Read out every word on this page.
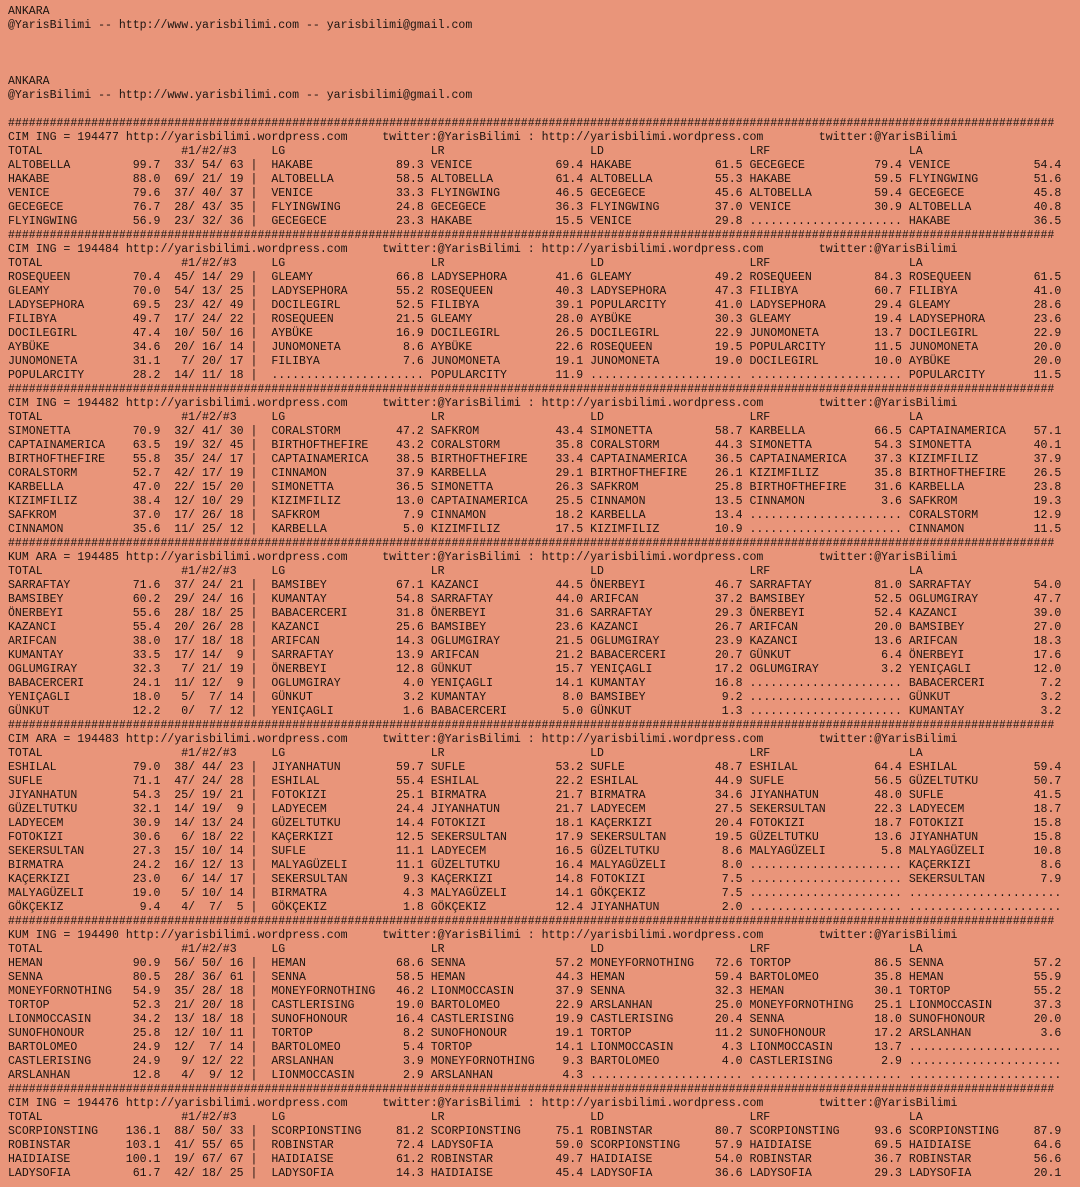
ANKARA
@YarisBilimi -- http://www.yarisbilimi.com -- yarisbilimi@gmail.com
ANKARA
@YarisBilimi -- http://www.yarisbilimi.com -- yarisbilimi@gmail.com
#######################################################################################################################################################
CIM ING = 194477 http://yarisbilimi.wordpress.com	twitter:@YarisBilimi : http://yarisbilimi.wordpress.com	twitter:@YarisBilimi
TOTAL                    #1/#2/#3     LG                     LR                     LD                     LRF                    LA
ALTOBELLA         99.7  33/ 54/ 63 |  HAKABE            89.3 VENICE            69.4 HAKABE            61.5 GECEGECE          79.4 VENICE            54.4
HAKABE            88.0  69/ 21/ 19 |  ALTOBELLA         58.5 ALTOBELLA         61.4 ALTOBELLA         55.3 HAKABE            59.5 FLYINGWING        51.6
VENICE            79.6  37/ 40/ 37 |  VENICE            33.3 FLYINGWING        46.5 GECEGECE          45.6 ALTOBELLA         59.4 GECEGECE          45.8
GECEGECE          76.7  28/ 43/ 35 |  FLYINGWING        24.8 GECEGECE          36.3 FLYINGWING        37.0 VENICE            30.9 ALTOBELLA         40.8
FLYINGWING        56.9  23/ 32/ 36 |  GECEGECE          23.3 HAKABE            15.5 VENICE            29.8 ...................... HAKABE            36.5
#######################################################################################################################################################
CIM ING = 194484 http://yarisbilimi.wordpress.com	twitter:@YarisBilimi : http://yarisbilimi.wordpress.com	twitter:@YarisBilimi
TOTAL                    #1/#2/#3     LG                     LR                     LD                     LRF                    LA
ROSEQUEEN         70.4  45/ 14/ 29 |  GLEAMY            66.8 LADYSEPHORA       41.6 GLEAMY            49.2 ROSEQUEEN         84.3 ROSEQUEEN         61.5
GLEAMY            70.0  54/ 13/ 25 |  LADYSEPHORA       55.2 ROSEQUEEN         40.3 LADYSEPHORA       47.3 FILIBYA           60.7 FILIBYA           41.0
LADYSEPHORA       69.5  23/ 42/ 49 |  DOCILEGIRL        52.5 FILIBYA           39.1 POPULARCITY       41.0 LADYSEPHORA       29.4 GLEAMY            28.6
FILIBYA           49.7  17/ 24/ 22 |  ROSEQUEEN         21.5 GLEAMY            28.0 AYBÜKE            30.3 GLEAMY            19.4 LADYSEPHORA       23.6
DOCILEGIRL        47.4  10/ 50/ 16 |  AYBÜKE            16.9 DOCILEGIRL        26.5 DOCILEGIRL        22.9 JUNOMONETA        13.7 DOCILEGIRL        22.9
AYBÜKE            34.6  20/ 16/ 14 |  JUNOMONETA         8.6 AYBÜKE            22.6 ROSEQUEEN         19.5 POPULARCITY       11.5 JUNOMONETA        20.0
JUNOMONETA        31.1   7/ 20/ 17 |  FILIBYA            7.6 JUNOMONETA        19.1 JUNOMONETA        19.0 DOCILEGIRL        10.0 AYBÜKE            20.0
POPULARCITY       28.2  14/ 11/ 18 |  ...................... POPULARCITY       11.9 ...................... ...................... POPULARCITY       11.5
#######################################################################################################################################################
CIM ING = 194482 http://yarisbilimi.wordpress.com	twitter:@YarisBilimi : http://yarisbilimi.wordpress.com	twitter:@YarisBilimi
TOTAL                    #1/#2/#3     LG                     LR                     LD                     LRF                    LA
SIMONETTA         70.9  32/ 41/ 30 |  CORALSTORM        47.2 SAFKROM           43.4 SIMONETTA         58.7 KARBELLA          66.5 CAPTAINAMERICA    57.1
CAPTAINAMERICA    63.5  19/ 32/ 45 |  BIRTHOFTHEFIRE    43.2 CORALSTORM        35.8 CORALSTORM        44.3 SIMONETTA         54.3 SIMONETTA         40.1
BIRTHOFTHEFIRE    55.8  35/ 24/ 17 |  CAPTAINAMERICA    38.5 BIRTHOFTHEFIRE    33.4 CAPTAINAMERICA    36.5 CAPTAINAMERICA    37.3 KIZIMFILIZ        37.9
CORALSTORM        52.7  42/ 17/ 19 |  CINNAMON          37.9 KARBELLA          29.1 BIRTHOFTHEFIRE    26.1 KIZIMFILIZ        35.8 BIRTHOFTHEFIRE    26.5
KARBELLA          47.0  22/ 15/ 20 |  SIMONETTA         36.5 SIMONETTA         26.3 SAFKROM           25.8 BIRTHOFTHEFIRE    31.6 KARBELLA          23.8
KIZIMFILIZ        38.4  12/ 10/ 29 |  KIZIMFILIZ        13.0 CAPTAINAMERICA    25.5 CINNAMON          13.5 CINNAMON           3.6 SAFKROM           19.3
SAFKROM           37.0  17/ 26/ 18 |  SAFKROM            7.9 CINNAMON          18.2 KARBELLA          13.4 ...................... CORALSTORM        12.9
CINNAMON          35.6  11/ 25/ 12 |  KARBELLA           5.0 KIZIMFILIZ        17.5 KIZIMFILIZ        10.9 ...................... CINNAMON          11.5
#######################################################################################################################################################
KUM ARA = 194485 http://yarisbilimi.wordpress.com	twitter:@YarisBilimi : http://yarisbilimi.wordpress.com	twitter:@YarisBilimi
TOTAL                    #1/#2/#3     LG                     LR                     LD                     LRF                    LA
SARRAFTAY         71.6  37/ 24/ 21 |  BAMSIBEY          67.1 KAZANCI           44.5 ÖNERBEYI          46.7 SARRAFTAY         81.0 SARRAFTAY         54.0
BAMSIBEY          60.2  29/ 24/ 16 |  KUMANTAY          54.8 SARRAFTAY         44.0 ARIFCAN           37.2 BAMSIBEY          52.5 OGLUMGIRAY        47.7
ÖNERBEYI          55.6  28/ 18/ 25 |  BABACERCERI       31.8 ÖNERBEYI          31.6 SARRAFTAY         29.3 ÖNERBEYI          52.4 KAZANCI           39.0
KAZANCI           55.4  20/ 26/ 28 |  KAZANCI           25.6 BAMSIBEY          23.6 KAZANCI           26.7 ARIFCAN           20.0 BAMSIBEY          27.0
ARIFCAN           38.0  17/ 18/ 18 |  ARIFCAN           14.3 OGLUMGIRAY        21.5 OGLUMGIRAY        23.9 KAZANCI           13.6 ARIFCAN           18.3
KUMANTAY          33.5  17/ 14/  9 |  SARRAFTAY         13.9 ARIFCAN           21.2 BABACERCERI       20.7 GÜNKUT             6.4 ÖNERBEYI          17.6
OGLUMGIRAY        32.3   7/ 21/ 19 |  ÖNERBEYI          12.8 GÜNKUT            15.7 YENIÇAGLI         17.2 OGLUMGIRAY         3.2 YENIÇAGLI         12.0
BABACERCERI       24.1  11/ 12/  9 |  OGLUMGIRAY         4.0 YENIÇAGLI         14.1 KUMANTAY          16.8 ...................... BABACERCERI        7.2
YENIÇAGLI         18.0   5/  7/ 14 |  GÜNKUT             3.2 KUMANTAY           8.0 BAMSIBEY           9.2 ...................... GÜNKUT             3.2
GÜNKUT            12.2   0/  7/ 12 |  YENIÇAGLI          1.6 BABACERCERI        5.0 GÜNKUT             1.3 ...................... KUMANTAY           3.2
#######################################################################################################################################################
CIM ARA = 194483 http://yarisbilimi.wordpress.com	twitter:@YarisBilimi : http://yarisbilimi.wordpress.com	twitter:@YarisBilimi
TOTAL                    #1/#2/#3     LG                     LR                     LD                     LRF                    LA
ESHILAL           79.0  38/ 44/ 23 |  JIYANHATUN        59.7 SUFLE             53.2 SUFLE             48.7 ESHILAL           64.4 ESHILAL           59.4
SUFLE             71.1  47/ 24/ 28 |  ESHILAL           55.4 ESHILAL           22.2 ESHILAL           44.9 SUFLE             56.5 GÜZELTUTKU        50.7
JIYANHATUN        54.3  25/ 19/ 21 |  FOTOKIZI          25.1 BIRMATRA          21.7 BIRMATRA          34.6 JIYANHATUN        48.0 SUFLE             41.5
GÜZELTUTKU        32.1  14/ 19/  9 |  LADYECEM          24.4 JIYANHATUN        21.7 LADYECEM          27.5 SEKERSULTAN       22.3 LADYECEM          18.7
LADYECEM          30.9  14/ 13/ 24 |  GÜZELTUTKU        14.4 FOTOKIZI          18.1 KAÇERKIZI         20.4 FOTOKIZI          18.7 FOTOKIZI          15.8
FOTOKIZI          30.6   6/ 18/ 22 |  KAÇERKIZI         12.5 SEKERSULTAN       17.9 SEKERSULTAN       19.5 GÜZELTUTKU        13.6 JIYANHATUN        15.8
SEKERSULTAN       27.3  15/ 10/ 14 |  SUFLE             11.1 LADYECEM          16.5 GÜZELTUTKU         8.6 MALYAGÜZELI        5.8 MALYAGÜZELI       10.8
BIRMATRA          24.2  16/ 12/ 13 |  MALYAGÜZELI       11.1 GÜZELTUTKU        16.4 MALYAGÜZELI        8.0 ...................... KAÇERKIZI          8.6
KAÇERKIZI         23.0   6/ 14/ 17 |  SEKERSULTAN        9.3 KAÇERKIZI         14.8 FOTOKIZI           7.5 ...................... SEKERSULTAN        7.9
MALYAGÜZELI       19.0   5/ 10/ 14 |  BIRMATRA           4.3 MALYAGÜZELI       14.1 GÖKÇEKIZ           7.5 ...................... ......................
GÖKÇEKIZ           9.4   4/  7/  5 |  GÖKÇEKIZ           1.8 GÖKÇEKIZ          12.4 JIYANHATUN         2.0 ...................... ......................
#######################################################################################################################################################
KUM ING = 194490 http://yarisbilimi.wordpress.com	twitter:@YarisBilimi : http://yarisbilimi.wordpress.com	twitter:@YarisBilimi
TOTAL                    #1/#2/#3     LG                     LR                     LD                     LRF                    LA
HEMAN             90.9  56/ 50/ 16 |  HEMAN             68.6 SENNA             57.2 MONEYFORNOTHING   72.6 TORTOP            86.5 SENNA             57.2
SENNA             80.5  28/ 36/ 61 |  SENNA             58.5 HEMAN             44.3 HEMAN             59.4 BARTOLOMEO        35.8 HEMAN             55.9
MONEYFORNOTHING   54.9  35/ 28/ 18 |  MONEYFORNOTHING   46.2 LIONMOCCASIN      37.9 SENNA             32.3 HEMAN             30.1 TORTOP            55.2
TORTOP            52.3  21/ 20/ 18 |  CASTLERISING      19.0 BARTOLOMEO        22.9 ARSLANHAN         25.0 MONEYFORNOTHING   25.1 LIONMOCCASIN      37.3
LIONMOCCASIN      34.2  13/ 18/ 18 |  SUNOFHONOUR       16.4 CASTLERISING      19.9 CASTLERISING      20.4 SENNA             18.0 SUNOFHONOUR       20.0
SUNOFHONOUR       25.8  12/ 10/ 11 |  TORTOP             8.2 SUNOFHONOUR       19.1 TORTOP            11.2 SUNOFHONOUR       17.2 ARSLANHAN          3.6
BARTOLOMEO        24.9  12/  7/ 14 |  BARTOLOMEO         5.4 TORTOP            14.1 LIONMOCCASIN       4.3 LIONMOCCASIN      13.7 ......................
CASTLERISING      24.9   9/ 12/ 22 |  ARSLANHAN          3.9 MONEYFORNOTHING    9.3 BARTOLOMEO         4.0 CASTLERISING       2.9 ......................
ARSLANHAN         12.8   4/  9/ 12 |  LIONMOCCASIN       2.9 ARSLANHAN          4.3 ...................... ...................... ......................
#######################################################################################################################################################
CIM ING = 194476 http://yarisbilimi.wordpress.com	twitter:@YarisBilimi : http://yarisbilimi.wordpress.com	twitter:@YarisBilimi
TOTAL                    #1/#2/#3     LG                     LR                     LD                     LRF                    LA
SCORPIONSTING    136.1  88/ 50/ 33 |  SCORPIONSTING     81.2 SCORPIONSTING     75.1 ROBINSTAR         80.7 SCORPIONSTING     93.6 SCORPIONSTING     87.9
ROBINSTAR        103.1  41/ 55/ 65 |  ROBINSTAR         72.4 LADYSOFIA         59.0 SCORPIONSTING     57.9 HAIDIAISE         69.5 HAIDIAISE         64.6
HAIDIAISE        100.1  19/ 67/ 67 |  HAIDIAISE         61.2 ROBINSTAR         49.7 HAIDIAISE         54.0 ROBINSTAR         36.7 ROBINSTAR         56.6
LADYSOFIA         61.7  42/ 18/ 25 |  LADYSOFIA         14.3 HAIDIAISE         45.4 LADYSOFIA         36.6 LADYSOFIA         29.3 LADYSOFIA         20.1
